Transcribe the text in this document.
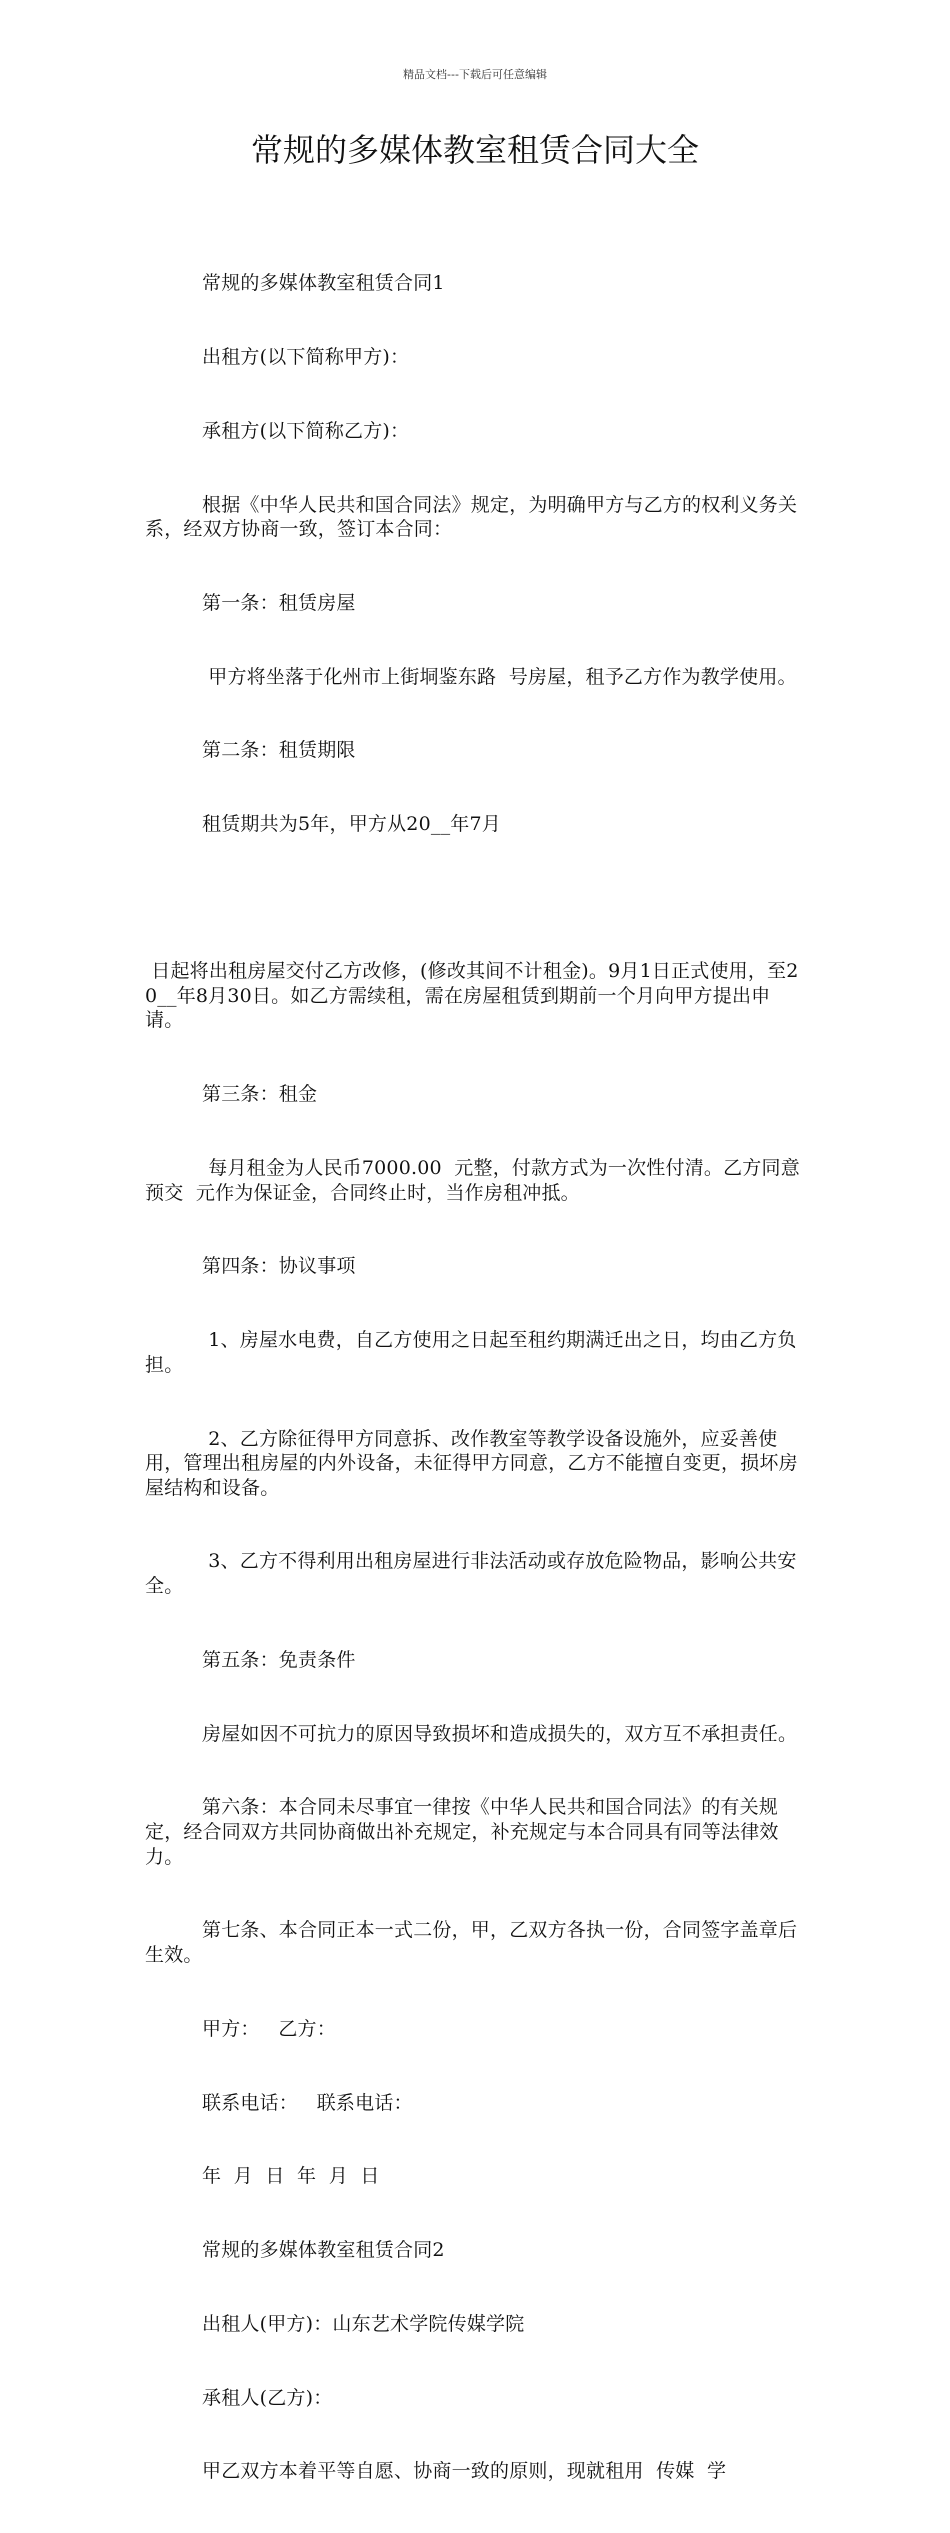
精品文档---下载后可任意编辑
常规的多媒体教室租赁合同大全

常规的多媒体教室租赁合同1

出租方(以下简称甲方)：

承租方(以下简称乙方)：

根据《中华人民共和国合同法》规定，为明确甲方与乙方的权利义务关系，经双方协商一致，签订本合同：

第一条：租赁房屋

甲方将坐落于化州市上街垌鉴东路  号房屋，租予乙方作为教学使用。

第二条：租赁期限

租赁期共为5年，甲方从20__年7月

日起将出租房屋交付乙方改修，(修改其间不计租金)。9月1日正式使用，至20__年8月30日。如乙方需续租，需在房屋租赁到期前一个月向甲方提出申请。

第三条：租金

每月租金为人民币7000.00  元整，付款方式为一次性付清。乙方同意预交  元作为保证金，合同终止时，当作房租冲抵。

第四条：协议事项

1、房屋水电费，自乙方使用之日起至租约期满迁出之日，均由乙方负担。

2、乙方除征得甲方同意拆、改作教室等教学设备设施外，应妥善使用，管理出租房屋的内外设备，未征得甲方同意，乙方不能擅自变更，损坏房屋结构和设备。

3、乙方不得利用出租房屋进行非法活动或存放危险物品，影响公共安全。

第五条：免责条件

房屋如因不可抗力的原因导致损坏和造成损失的，双方互不承担责任。

第六条：本合同未尽事宜一律按《中华人民共和国合同法》的有关规定，经合同双方共同协商做出补充规定，补充规定与本合同具有同等法律效力。

第七条、本合同正本一式二份，甲，乙双方各执一份，合同签字盖章后生效。

甲方：   乙方：

联系电话：   联系电话：

年  月  日  年  月  日

常规的多媒体教室租赁合同2

出租人(甲方)：山东艺术学院传媒学院

承租人(乙方)：

甲乙双方本着平等自愿、协商一致的原则，现就租用  传媒  学
